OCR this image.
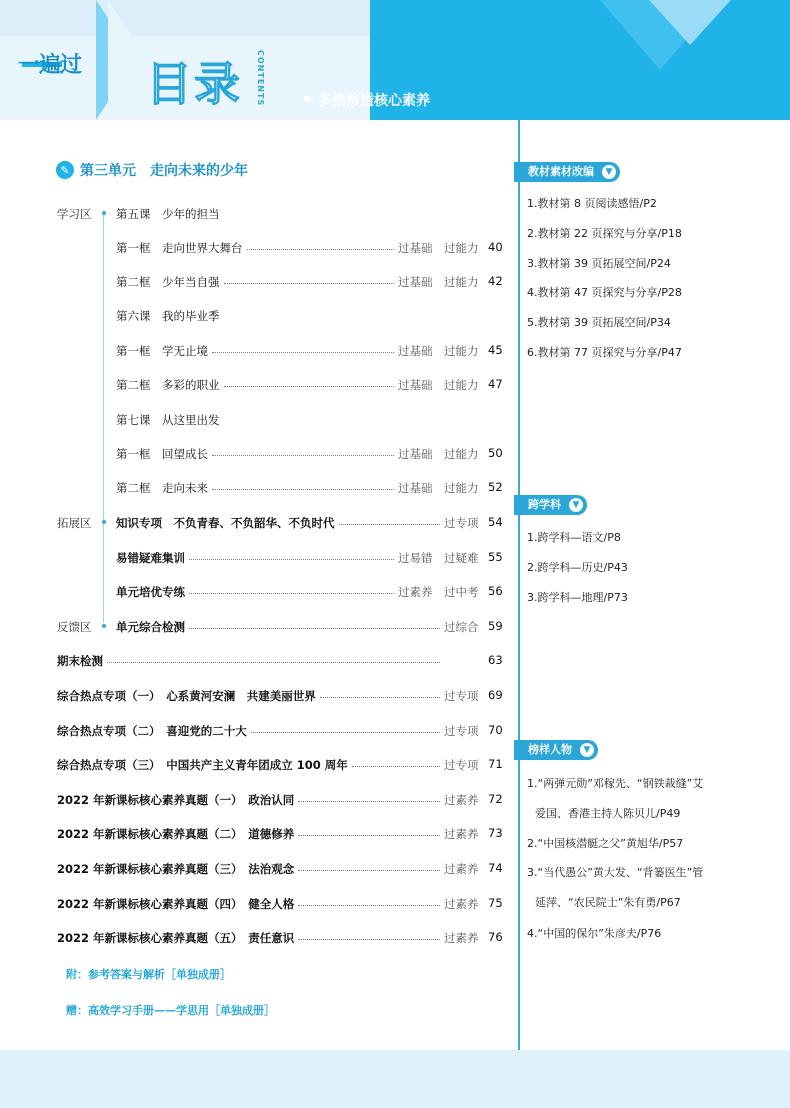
一遍过 目录 CONTENTS	多维渗透核心素养
✎ 第三单元　走向未来的少年
学习区 第五课　少年的担当
第一框　走向世界大舞台	过基础 过能力 40
第二框　少年当自强	过基础 过能力 42
第六课　我的毕业季
第一框　学无止境	过基础 过能力 45
第二框　多彩的职业	过基础 过能力 47
第七课　从这里出发
第一框　回望成长	过基础 过能力 50
第二框　走向未来	过基础 过能力 52
拓展区 知识专项　不负青春、不负韶华、不负时代	过专项 54
易错疑难集训	过易错 过疑难 55
单元培优专练	过素养 过中考 56
反馈区 单元综合检测	过综合 59
期末检测	63
综合热点专项（一）　心系黄河安澜　共建美丽世界	过专项 69
综合热点专项（二）　喜迎党的二十大	过专项 70
综合热点专项（三）　中国共产主义青年团成立 100 周年	过专项 71
2022 年新课标核心素养真题（一）　政治认同	过素养 72
2022 年新课标核心素养真题（二）　道德修养	过素养 73
2022 年新课标核心素养真题（三）　法治观念	过素养 74
2022 年新课标核心素养真题（四）　健全人格	过素养 75
2022 年新课标核心素养真题（五）　责任意识	过素养 76
附：参考答案与解析［单独成册］
赠：高效学习手册——学思用［单独成册］
教材素材改编	▼
1.教材第 8 页阅读感悟/P2
2.教材第 22 页探究与分享/P18
3.教材第 39 页拓展空间/P24
4.教材第 47 页探究与分享/P28
5.教材第 39 页拓展空间/P34
6.教材第 77 页探究与分享/P47
跨学科	▼
1.跨学科—语文/P8
2.跨学科—历史/P43
3.跨学科—地理/P73
榜样人物	▼
1.“两弹元勋”邓稼先、“钢铁裁缝”艾
爱国、香港主持人陈贝儿/P49
2.“中国核潜艇之父”黄旭华/P57
3.“当代愚公”黄大发、“背篓医生”管
延萍、“农民院士”朱有勇/P67
4.“中国的保尔”朱彦夫/P76
